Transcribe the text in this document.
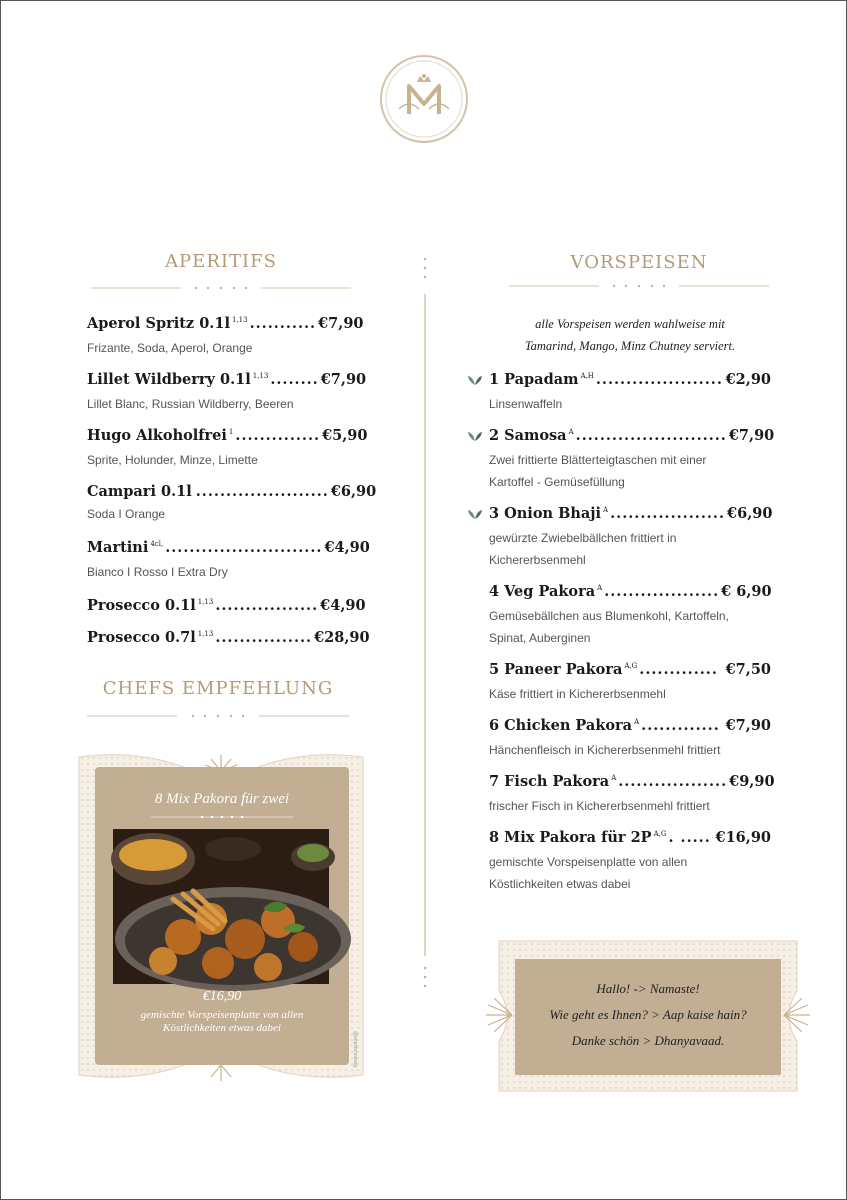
APERITIFS
Aperol Spritz 0.1l $^{1,13}$ ........... €7,90
Frizante, Soda, Aperol, Orange
Lillet Wildberry 0.1l $^{1,13}$ ........ €7,90
Lillet Blanc, Russian Wildberry, Beeren
Hugo Alkoholfrei $^1$ .............. €5,90
Sprite, Holunder, Minze, Limette
Campari 0.1l ...................... €6,90
Soda I Orange
Martini $^{4cl,}$ .......................... €4,90
Bianco I Rosso I Extra Dry
Prosecco 0.1l $^{1,13}$ ................. €4,90
Prosecco 0.7l $^{1,13}$ ................ €28,90
CHEFS EMPFEHLUNG
8 Mix Pakora für zwei
€16,90
gemischte Vorspeisenplatte von allen Köstlichkeiten etwas dabei
@pepstonnoiwg
VORSPEISEN
alle Vorspeisen werden wahlweise mit
Tamarind, Mango, Minz Chutney serviert.
1 Papadam $^{A,H}$ ..................... €2,90
Linsenwaffeln
2 Samosa $^A$ ......................... €7,90
Zwei frittierte Blätterteigtaschen mit einer Kartoffel - Gemüsefüllung
3 Onion Bhaji $^A$ ................... €6,90
gewürzte Zwiebelbällchen frittiert in Kichererbsenmehl
4 Veg Pakora $^A$ ................... € 6,90
Gemüsebällchen aus Blumenkohl, Kartoffeln, Spinat, Auberginen
5 Paneer Pakora $^{A,G}$ ............. €7,50
Käse frittiert in Kichererbsenmehl
6 Chicken Pakora $^A$ ............. €7,90
Hänchenfleisch in Kichererbsenmehl frittiert
7 Fisch Pakora $^A$ .................. €9,90
frischer Fisch in Kichererbsenmehl frittiert
8 Mix Pakora für 2P $^{A,G}$ . ..... €16,90
gemischte Vorspeisenplatte von allen Köstlichkeiten etwas dabei
Hallo! -> Namaste!
Wie geht es Ihnen? > Aap kaise hain?
Danke schön > Dhanyavaad.
